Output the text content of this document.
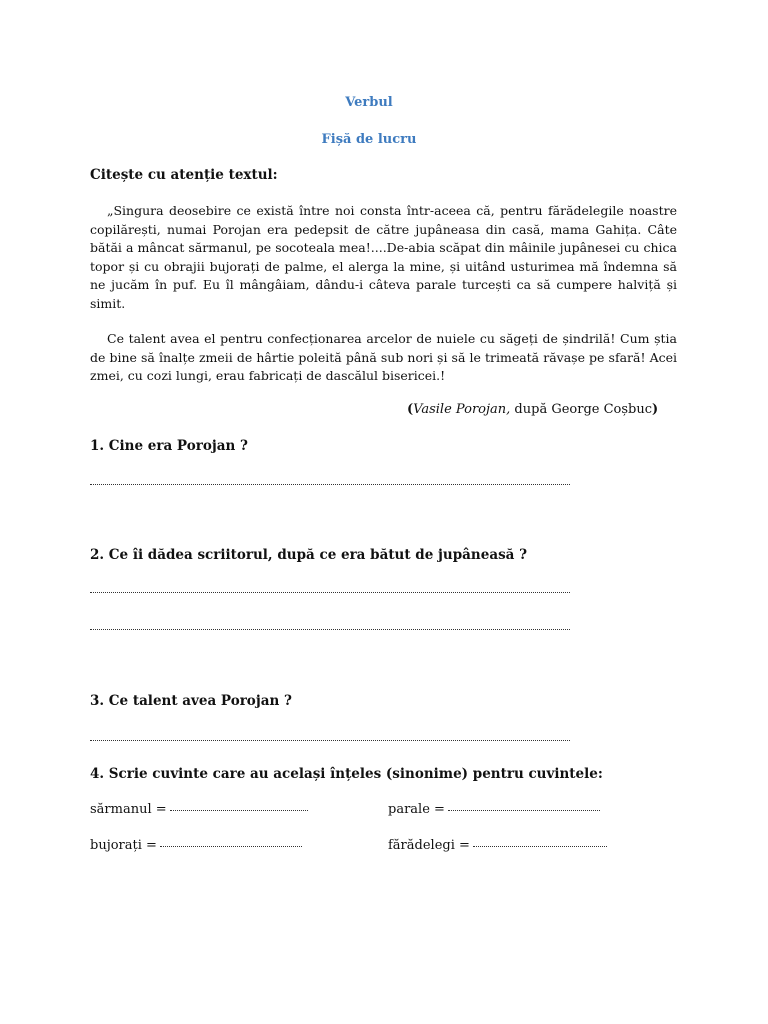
Verbul
Fișă de lucru
Citește cu atenție textul:

„Singura deosebire ce există între noi consta într-aceea că, pentru fărădelegile noastre copilărești, numai Porojan era pedepsit de către jupâneasa din casă, mama Gahița. Câte bătăi a mâncat sărmanul, pe socoteala mea!....De-abia scăpat din mâinile jupânesei cu chica topor și cu obrajii bujorați de palme, el alerga la mine, și uitând usturimea mă îndemna să ne jucăm în puf. Eu îl mângâiam, dându-i câteva parale turcești ca să cumpere halviță și simit.

Ce talent avea el pentru confecționarea arcelor de nuiele cu săgeți de șindrilă! Cum știa de bine să înalțe zmeii de hârtie poleită până sub nori și să le trimeată răvașe pe sfară! Acei zmei, cu cozi lungi, erau fabricați de dascălul bisericei.!

(Vasile Porojan, după George Coșbuc)

1. Cine era Porojan ?

2. Ce îi dădea scriitorul, după ce era bătut de jupâneasă ?

3. Ce talent avea Porojan ?

4. Scrie cuvinte care au același înțeles (sinonime) pentru cuvintele:

sărmanul =	parale =
bujorați =	fărădelegi =
